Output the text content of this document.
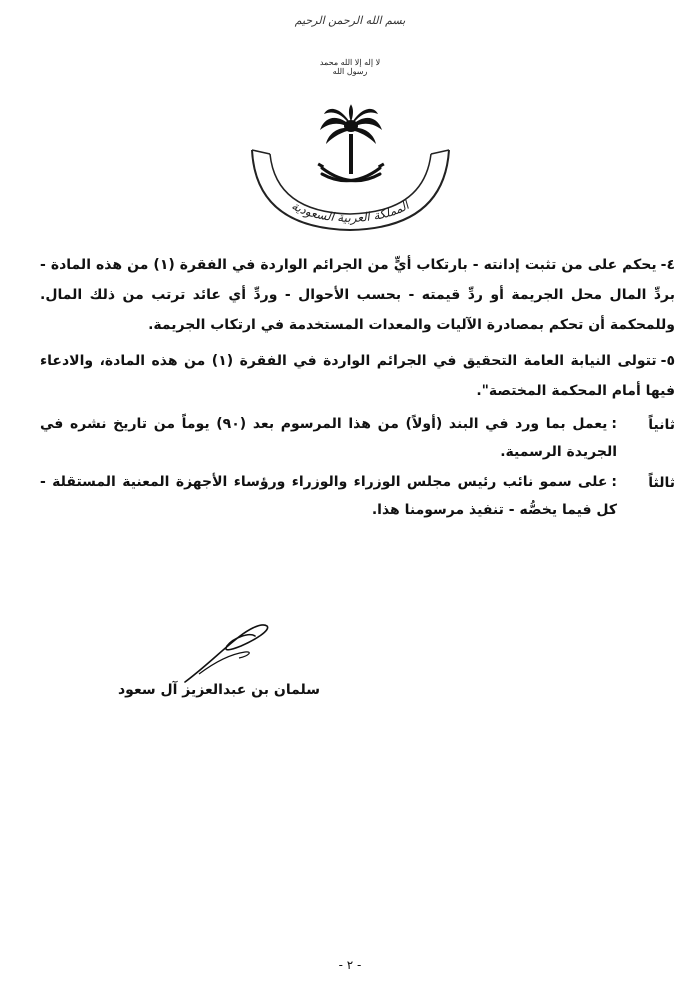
بسم الله الرحمن الرحيم
لا إله إلا الله محمد رسول الله
المملكة العربية السعودية
٤-يحكم على من تثبت إدانته - بارتكاب أيٍّ من الجرائم الواردة في الفقرة (١) من هذه المادة - بردِّ المال محل الجريمة أو ردِّ قيمته - بحسب الأحوال - وردِّ أي عائد ترتب من ذلك المال. وللمحكمة أن تحكم بمصادرة الآليات والمعدات المستخدمة في ارتكاب الجريمة.
٥-تتولى النيابة العامة التحقيق في الجرائم الواردة في الفقرة (١) من هذه المادة، والادعاء فيها أمام المحكمة المختصة".
ثانياً
:يعمل بما ورد في البند (أولاً) من هذا المرسوم بعد (٩٠) يوماً من تاريخ نشره في الجريدة الرسمية.
ثالثاً
:على سمو نائب رئيس مجلس الوزراء والوزراء ورؤساء الأجهزة المعنية المستقلة - كل فيما يخصُّه - تنفيذ مرسومنا هذا.
سلمان بن عبدالعزيز آل سعود
- ٢ -
